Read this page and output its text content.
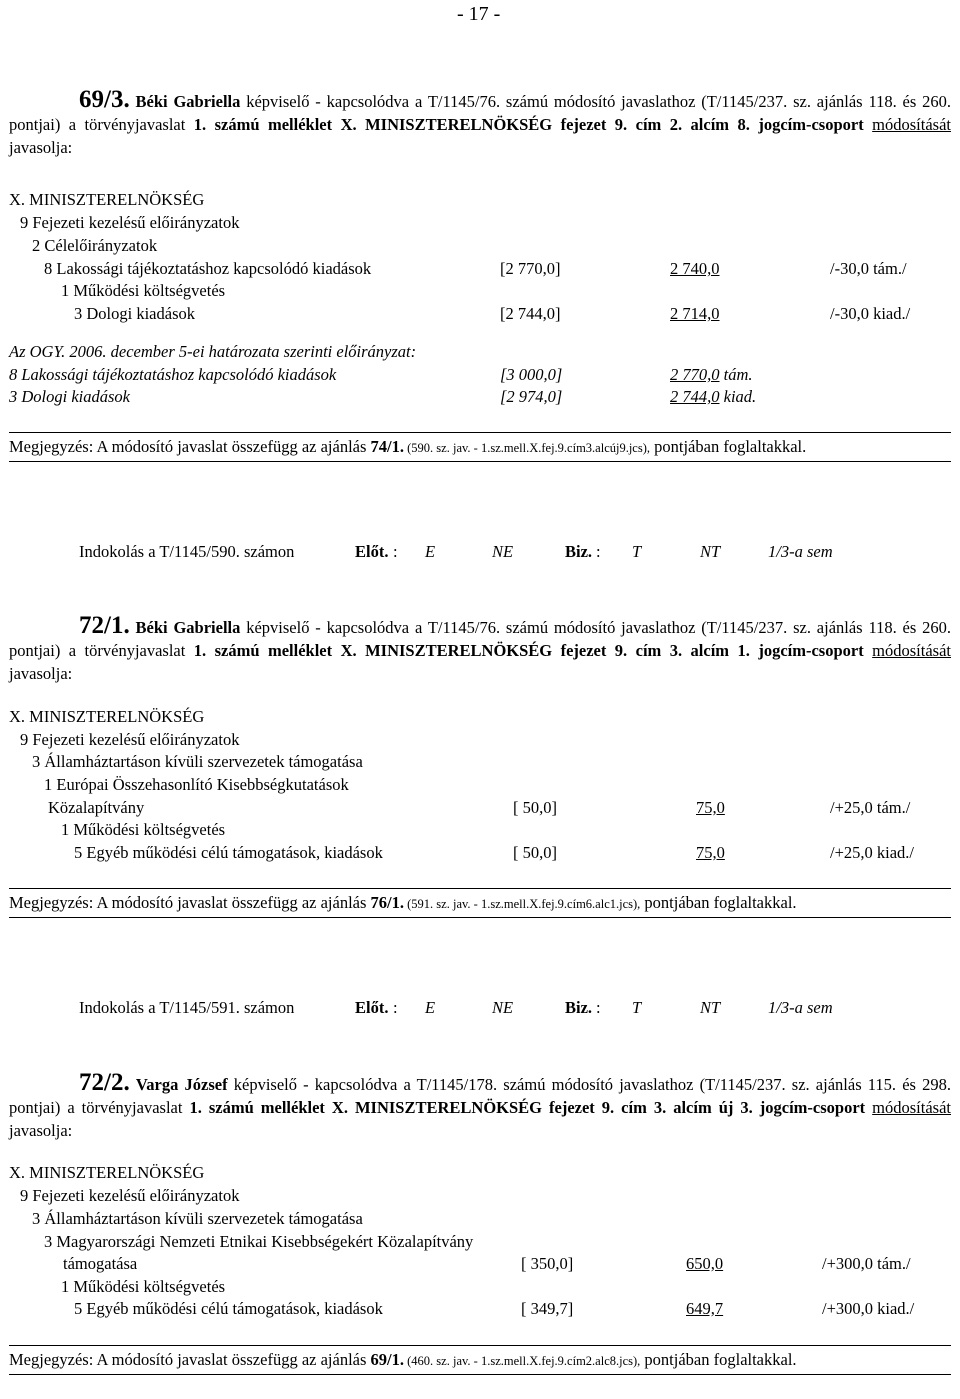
- 17 -
69/3. Béki Gabriella képviselő - kapcsolódva a T/1145/76. számú módosító javaslathoz (T/1145/237. sz. ajánlás 118. és 260. pontjai) a törvényjavaslat 1. számú melléklet X. MINISZTERELNÖKSÉG fejezet 9. cím 2. alcím 8. jogcím-csoport módosítását javasolja:
X. MINISZTERELNÖKSÉG
9 Fejezeti kezelésű előirányzatok
2 Célelőirányzatok
8 Lakossági tájékoztatáshoz kapcsolódó kiadások	[2 770,0]	2 740,0	/-30,0 tám./
1 Működési költségvetés
3 Dologi kiadások	[2 744,0]	2 714,0	/-30,0 kiad./
Az OGY. 2006. december 5-ei határozata szerinti előirányzat:
8 Lakossági tájékoztatáshoz kapcsolódó kiadások	[3 000,0]	2 770,0 tám.
3 Dologi kiadások	[2 974,0]	2 744,0 kiad.
Megjegyzés: A módosító javaslat összefügg az ajánlás 74/1. (590. sz. jav. - 1.sz.mell.X.fej.9.cím3.alcúj9.jcs), pontjában foglaltakkal.
Indokolás a T/1145/590. számon	Előt. : E	NE	Biz. : T	NT	1/3-a sem
72/1. Béki Gabriella képviselő - kapcsolódva a T/1145/76. számú módosító javaslathoz (T/1145/237. sz. ajánlás 118. és 260. pontjai) a törvényjavaslat 1. számú melléklet X. MINISZTERELNÖKSÉG fejezet 9. cím 3. alcím 1. jogcím-csoport módosítását javasolja:
X. MINISZTERELNÖKSÉG
9 Fejezeti kezelésű előirányzatok
3 Államháztartáson kívüli szervezetek támogatása
1 Európai Összehasonlító Kisebbségkutatások
Közalapítvány	[ 50,0]	75,0	/+25,0 tám./
1 Működési költségvetés
5 Egyéb működési célú támogatások, kiadások	[ 50,0]	75,0	/+25,0 kiad./
Megjegyzés: A módosító javaslat összefügg az ajánlás 76/1. (591. sz. jav. - 1.sz.mell.X.fej.9.cím6.alc1.jcs), pontjában foglaltakkal.
Indokolás a T/1145/591. számon	Előt. : E	NE	Biz. : T	NT	1/3-a sem
72/2. Varga József képviselő - kapcsolódva a T/1145/178. számú módosító javaslathoz (T/1145/237. sz. ajánlás 115. és 298. pontjai) a törvényjavaslat 1. számú melléklet X. MINISZTERELNÖKSÉG fejezet 9. cím 3. alcím új 3. jogcím-csoport módosítását javasolja:
X. MINISZTERELNÖKSÉG
9 Fejezeti kezelésű előirányzatok
3 Államháztartáson kívüli szervezetek támogatása
3 Magyarországi Nemzeti Etnikai Kisebbségekért Közalapítvány
támogatása	[ 350,0]	650,0	/+300,0 tám./
1 Működési költségvetés
5 Egyéb működési célú támogatások, kiadások	[ 349,7]	649,7	/+300,0 kiad./
Megjegyzés: A módosító javaslat összefügg az ajánlás 69/1. (460. sz. jav. - 1.sz.mell.X.fej.9.cím2.alc8.jcs), pontjában foglaltakkal.
